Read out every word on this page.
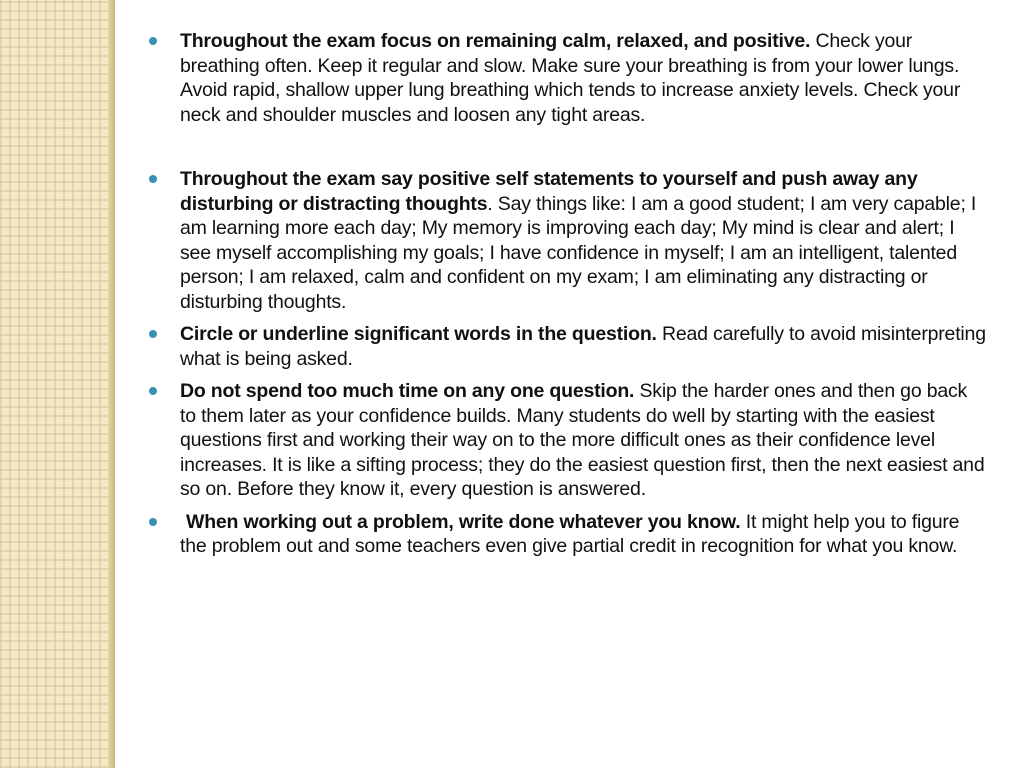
Throughout the exam focus on remaining calm, relaxed, and positive. Check your breathing often. Keep it regular and slow. Make sure your breathing is from your lower lungs. Avoid rapid, shallow upper lung breathing which tends to increase anxiety levels. Check your neck and shoulder muscles and loosen any tight areas.
Throughout the exam say positive self statements to yourself and push away any disturbing or distracting thoughts. Say things like: I am a good student; I am very capable; I am learning more each day; My memory is improving each day; My mind is clear and alert; I see myself accomplishing my goals; I have confidence in myself; I am an intelligent, talented person; I am relaxed, calm and confident on my exam; I am eliminating any distracting or disturbing thoughts.
Circle or underline significant words in the question. Read carefully to avoid misinterpreting what is being asked.
Do not spend too much time on any one question. Skip the harder ones and then go back to them later as your confidence builds. Many students do well by starting with the easiest questions first and working their way on to the more difficult ones as their confidence level increases. It is like a sifting process; they do the easiest question first, then the next easiest and so on. Before they know it, every question is answered.
When working out a problem, write done whatever you know. It might help you to figure the problem out and some teachers even give partial credit in recognition for what you know.
